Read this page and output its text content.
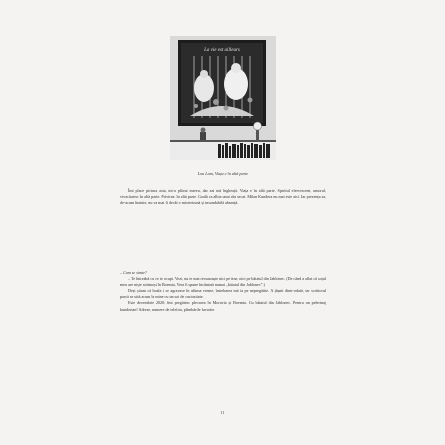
La vie est ailleurs
Lou Lam, Viața e în altă parte

Îmi place pictura asta, mi-a plăcut mereu, dar azi mă îngheață. Viața e în altă parte. Spiritul efervescent, umorul, vivacitatea: în altă parte. Privirea: în altă parte. Goală ca albia unui râu secat. Milan Kundera nu mai este aici. Iar prezența sa, de-acum înainte, nu va mai fi decât o misterioasă și insondabilă absență.

– Cum se simte?

– Te întreabă cu ce te ocupi. Vezi, nu te mai recunoaște nici pe tine, nici pe băiatul din Jablonec. (De când a aflat că soțul meu are niște strămoși în Boemia, Vera îi spune încântată numai „băiatul din Jablonec”.)

Deși știam că boala i se agravase în ultima vreme, întrebarea mă ia pe nepregătite. A țâșnit dintr-odată, iar scriitorul parcă se uită acum la mine cu un soi de curiozitate.

Este decembrie 2020: îmi pregătesc plecarea în Moravia și Boemia. Cu băiatul din Jablonec. Pentru un pelerinaj kunderian! Adrese, numere de telefon, plimbările favorite

11
